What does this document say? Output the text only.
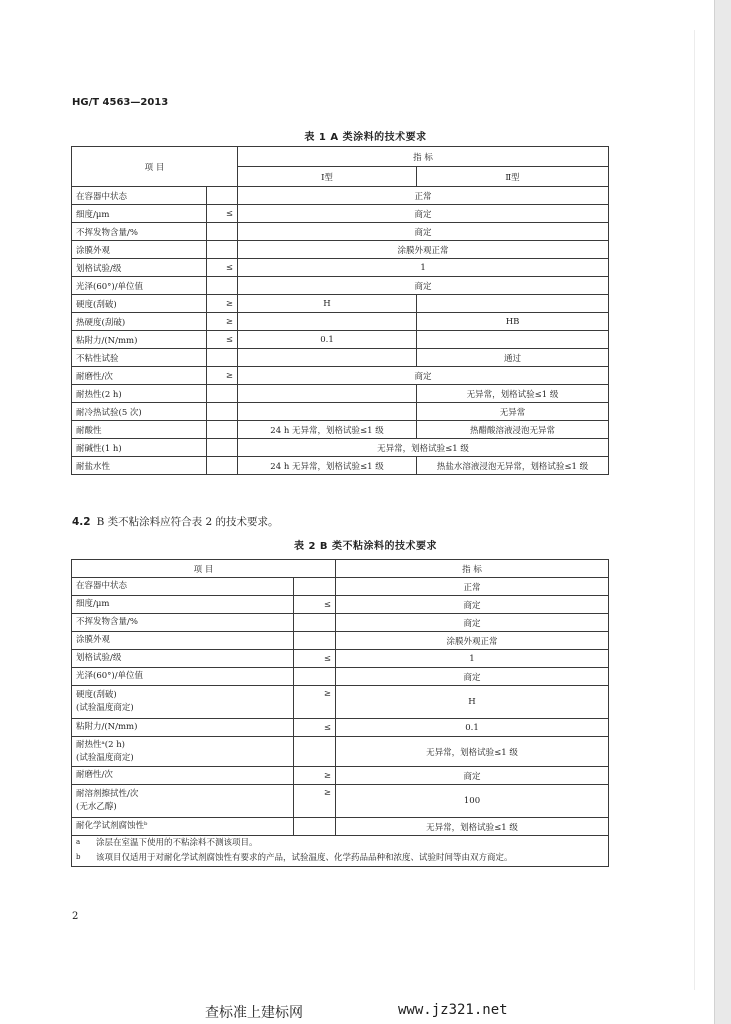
HG/T 4563—2013
表 1 A 类涂料的技术要求
项 目		指 标	
		Ⅰ型	Ⅱ型
在容器中状态		正常	
细度/μm	≤	商定	
不挥发物含量/%		商定	
涂膜外观		涂膜外观正常	
划格试验/级	≤	1	
光泽(60°)/单位值		商定	
硬度(刮破)	≥	H	
热硬度(刮破)	≥		HB
粘附力/(N/mm)	≤	0.1	
不粘性试验			通过
耐磨性/次	≥	商定	
耐热性(2 h)			无异常，划格试验≤1 级
耐冷热试验(5 次)			无异常
耐酸性		24 h 无异常，划格试验≤1 级	热醋酸溶液浸泡无异常
耐碱性(1 h)		无异常，划格试验≤1 级	
耐盐水性		24 h 无异常，划格试验≤1 级	热盐水溶液浸泡无异常，划格试验≤1 级
4.2 B 类不粘涂料应符合表 2 的技术要求。
表 2 B 类不粘涂料的技术要求
项 目		指 标

在容器中状态		正常

细度/μm	≤	商定

不挥发物含量/%		商定

涂膜外观		涂膜外观正常

划格试验/级	≤	1

光泽(60°)/单位值		商定

硬度(刮破)
(试验温度商定)	≥	H

粘附力/(N/mm)	≤	0.1

耐热性ᵃ(2 h)
(试验温度商定)		无异常，划格试验≤1 级

耐磨性/次	≥	商定

耐溶剂擦拭性/次
(无水乙醇)	≥	100

耐化学试剂腐蚀性ᵇ		无异常，划格试验≤1 级

a 涂层在室温下使用的不粘涂料不测该项目。
b 该项目仅适用于对耐化学试剂腐蚀性有要求的产品，试验温度、化学药品品种和浓度、试验时间等由双方商定。		
2
查标准上建标网	www.jz321.net
